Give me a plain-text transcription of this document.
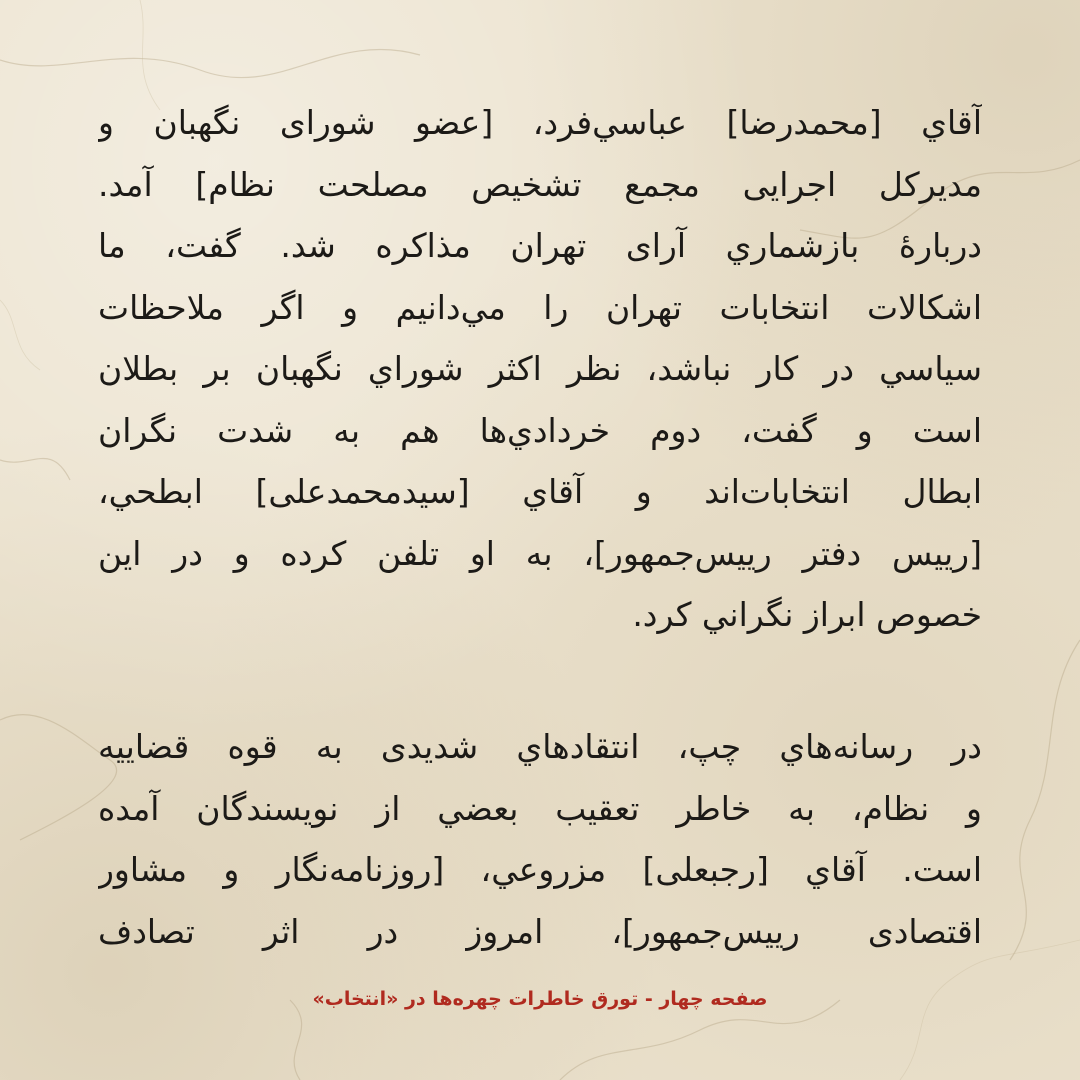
آقاي [محمدرضا] عباسي‌فرد، [عضو شوراى نگهبان و
مديركل اجرایی مجمع تشخيص مصلحت نظام] آمد.
دربارۀ بازشماري آرای تهران مذاكره شد. گفت، ما
اشكالات انتخابات تهران را مي‌دانيم و اگر ملاحظات
سياسي در كار نباشد، نظر اكثر شوراي نگهبان بر بطلان
است و گفت، دوم خردادي‌ها هم به شدت نگران
ابطال انتخابات‌اند و آقاي [سيدمحمدعلی] ابطحي،
[رييس دفتر رييس‌جمهور]، به او تلفن كرده و در اين
خصوص ابراز نگراني كرد.
در رسانه‌هاي چپ، انتقادهاي شدیدی به قوه قضاييه
و نظام، به خاطر تعقيب بعضي از نويسندگان آمده
است. آقاي [رجبعلی] مزروعي، [روزنامه‌نگار و مشاور
اقتصادی رييس‌جمهور]، امروز در اثر تصادف
صفحه چهار - تورق خاطرات چهره‌ها در «انتخاب»
